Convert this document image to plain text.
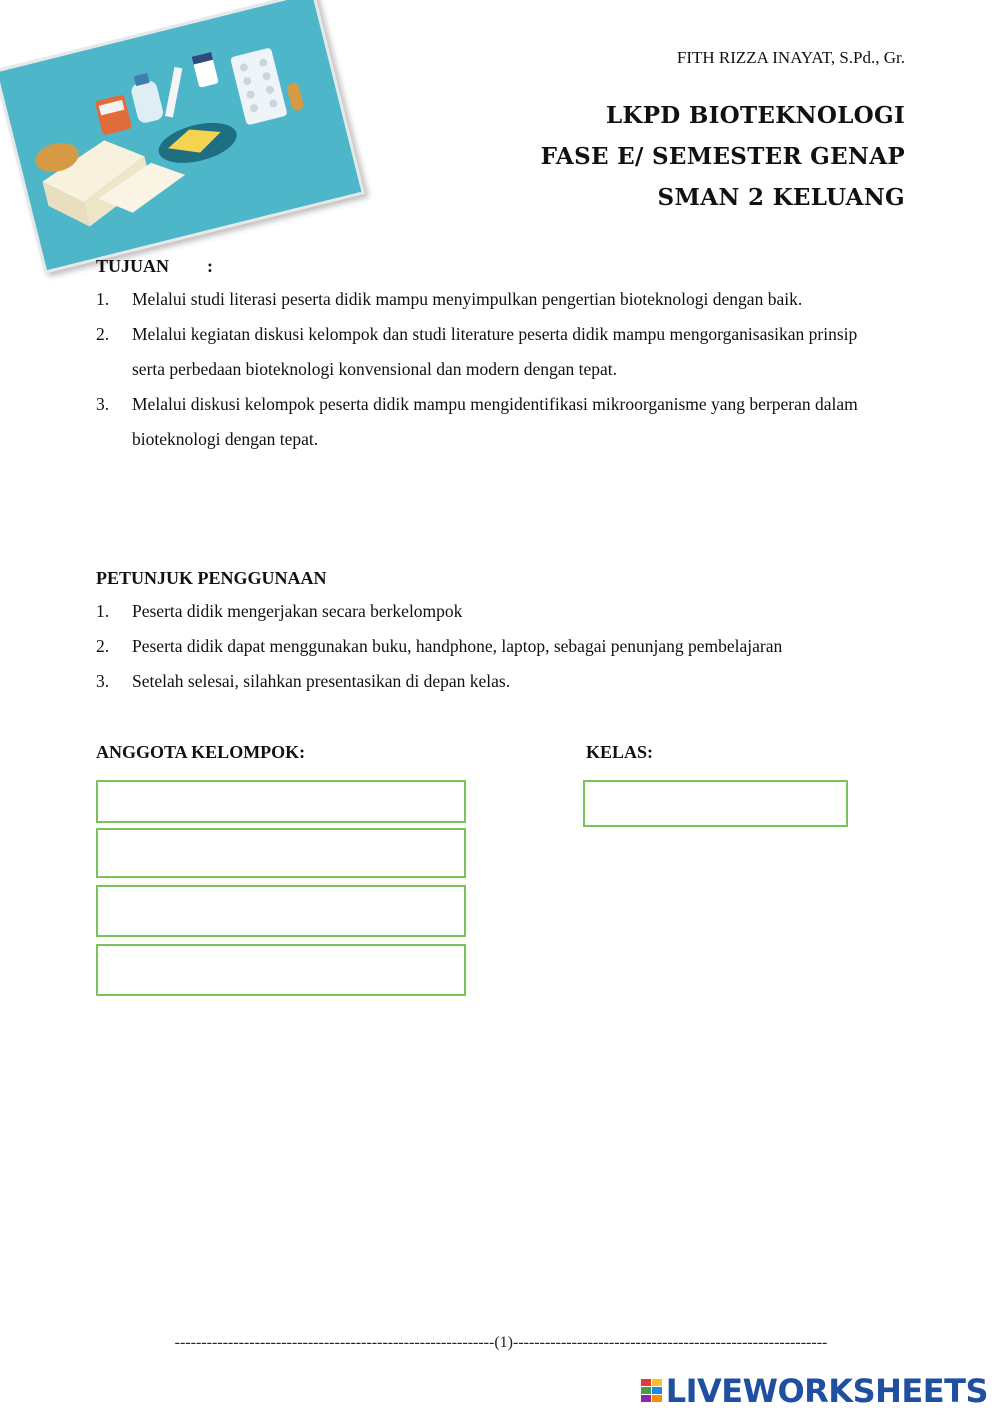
FITH RIZZA INAYAT, S.Pd., Gr.
LKPD BIOTEKNOLOGI
FASE E/ SEMESTER GENAP
SMAN 2 KELUANG
TUJUAN :
1. Melalui studi literasi peserta didik mampu menyimpulkan pengertian bioteknologi dengan baik.
2. Melalui kegiatan diskusi kelompok dan studi literature peserta didik mampu mengorganisasikan prinsip serta perbedaan bioteknologi konvensional dan modern dengan tepat.
3. Melalui diskusi kelompok peserta didik mampu mengidentifikasi mikroorganisme yang berperan dalam bioteknologi dengan tepat.
PETUNJUK PENGGUNAAN
1. Peserta didik mengerjakan secara berkelompok
2. Peserta didik dapat menggunakan buku, handphone, laptop, sebagai penunjang pembelajaran
3. Setelah selesai, silahkan presentasikan di depan kelas.
ANGGOTA KELOMPOK:	KELAS:
------------------------------------------------------------(1)-----------------------------------------------------------
LIVEWORKSHEETS
